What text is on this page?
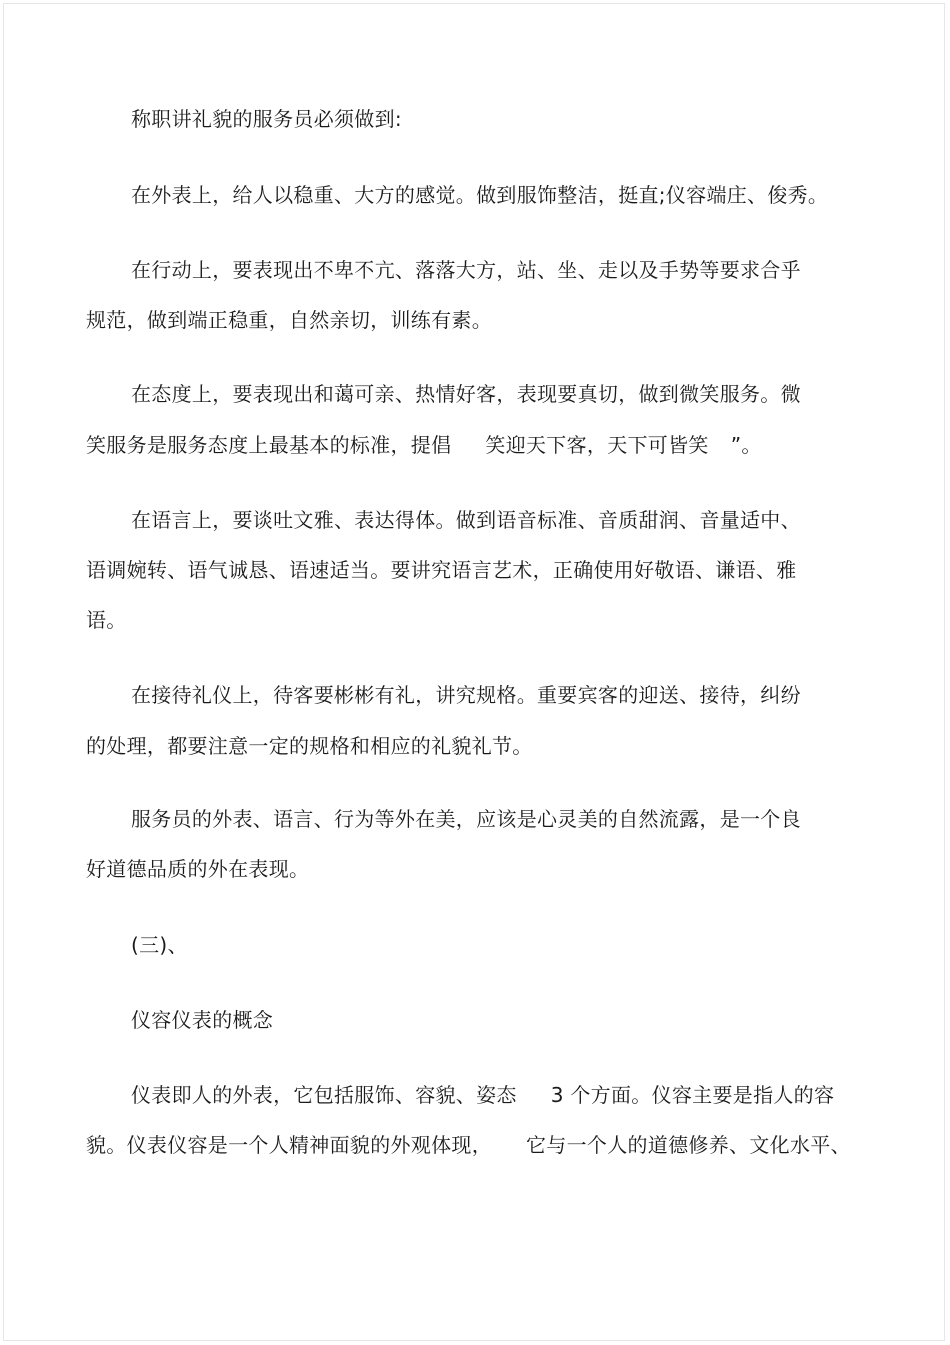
称职讲礼貌的服务员必须做到:
在外表上，给人以稳重、大方的感觉。做到服饰整洁，挺直;仪容端庄、俊秀。
在行动上，要表现出不卑不亢、落落大方，站、坐、走以及手势等要求合乎
规范，做到端正稳重，自然亲切，训练有素。
在态度上，要表现出和蔼可亲、热情好客，表现要真切，做到微笑服务。微
笑服务是服务态度上最基本的标准，提倡 笑迎天下客，天下可皆笑 ”。
在语言上，要谈吐文雅、表达得体。做到语音标准、音质甜润、音量适中、
语调婉转、语气诚恳、语速适当。要讲究语言艺术，正确使用好敬语、谦语、雅
语。
在接待礼仪上，待客要彬彬有礼，讲究规格。重要宾客的迎送、接待，纠纷
的处理，都要注意一定的规格和相应的礼貌礼节。
服务员的外表、语言、行为等外在美，应该是心灵美的自然流露，是一个良
好道德品质的外在表现。
(三)、
仪容仪表的概念
仪表即人的外表，它包括服饰、容貌、姿态 3 个方面。仪容主要是指人的容
貌。仪表仪容是一个人精神面貌的外观体现， 它与一个人的道德修养、文化水平、
